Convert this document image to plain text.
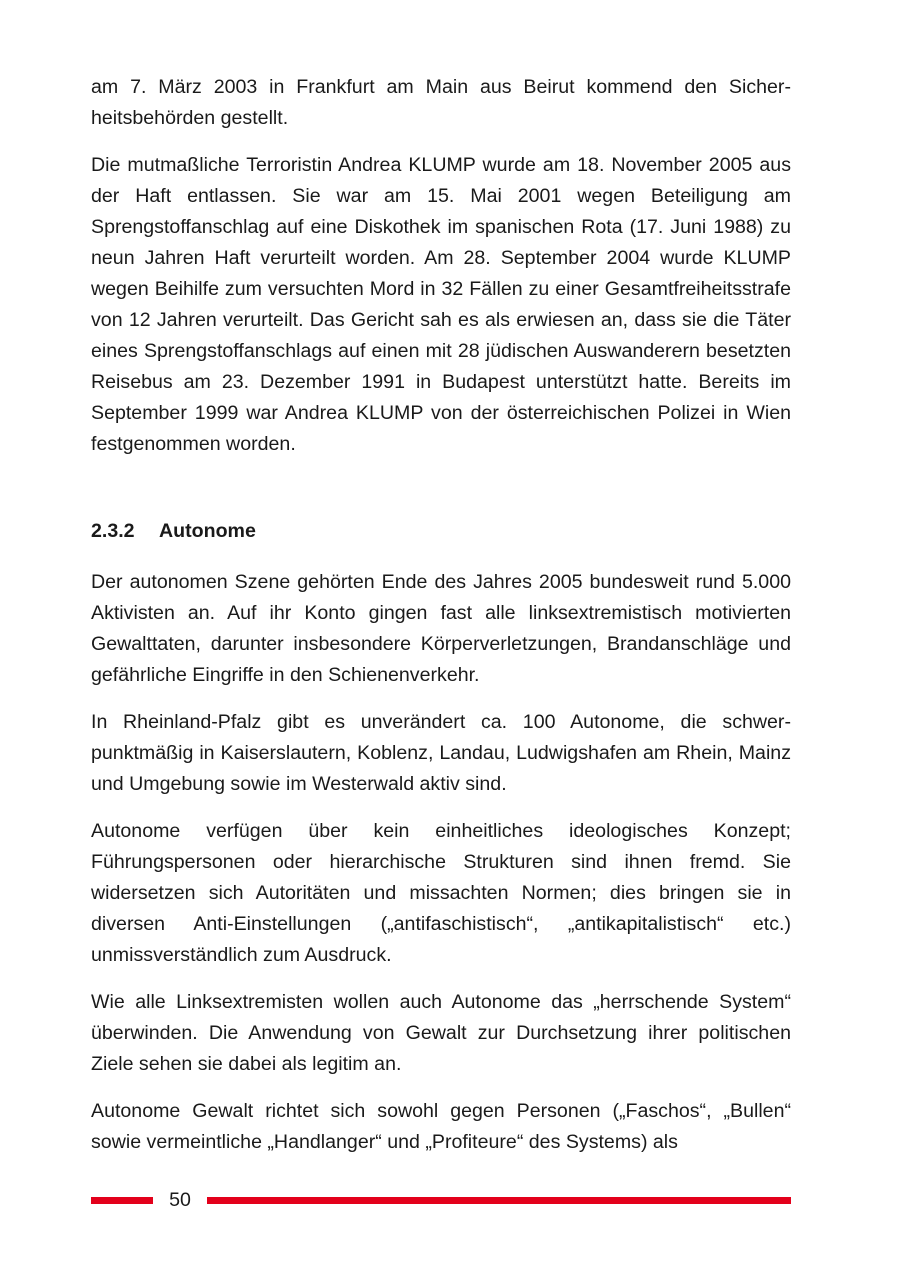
am 7. März 2003 in Frankfurt am Main aus Beirut kommend den Sicherheitsbehörden gestellt.

Die mutmaßliche Terroristin Andrea KLUMP wurde am 18. November 2005 aus der Haft entlassen. Sie war am 15. Mai 2001 wegen Beteiligung am Sprengstoffanschlag auf eine Diskothek im spanischen Rota (17. Juni 1988) zu neun Jahren Haft verurteilt worden. Am 28. September 2004 wurde KLUMP wegen Beihilfe zum versuchten Mord in 32 Fällen zu einer Gesamtfreiheitsstrafe von 12 Jahren verurteilt. Das Gericht sah es als erwiesen an, dass sie die Täter eines Sprengstoffanschlags auf einen mit 28 jüdischen Auswanderern besetzten Reisebus am 23. Dezember 1991 in Budapest unterstützt hatte. Bereits im September 1999 war Andrea KLUMP von der österreichischen Polizei in Wien festgenommen worden.

2.3.2	Autonome

Der autonomen Szene gehörten Ende des Jahres 2005 bundesweit rund 5.000 Aktivisten an. Auf ihr Konto gingen fast alle linksextremistisch motivierten Gewalttaten, darunter insbesondere Körperverletzungen, Brandanschläge und gefährliche Eingriffe in den Schienenverkehr.

In Rheinland-Pfalz gibt es unverändert ca. 100 Autonome, die schwerpunktmäßig in Kaiserslautern, Koblenz, Landau, Ludwigshafen am Rhein, Mainz und Umgebung sowie im Westerwald aktiv sind.

Autonome verfügen über kein einheitliches ideologisches Konzept; Führungspersonen oder hierarchische Strukturen sind ihnen fremd. Sie widersetzen sich Autoritäten und missachten Normen; dies bringen sie in diversen Anti-Einstellungen („antifaschistisch“, „antikapitalistisch“ etc.) unmissverständlich zum Ausdruck.

Wie alle Linksextremisten wollen auch Autonome das „herrschende System“ überwinden. Die Anwendung von Gewalt zur Durchsetzung ihrer politischen Ziele sehen sie dabei als legitim an.

Autonome Gewalt richtet sich sowohl gegen Personen („Faschos“, „Bullen“ sowie vermeintliche „Handlanger“ und „Profiteure“ des Systems) als

50
